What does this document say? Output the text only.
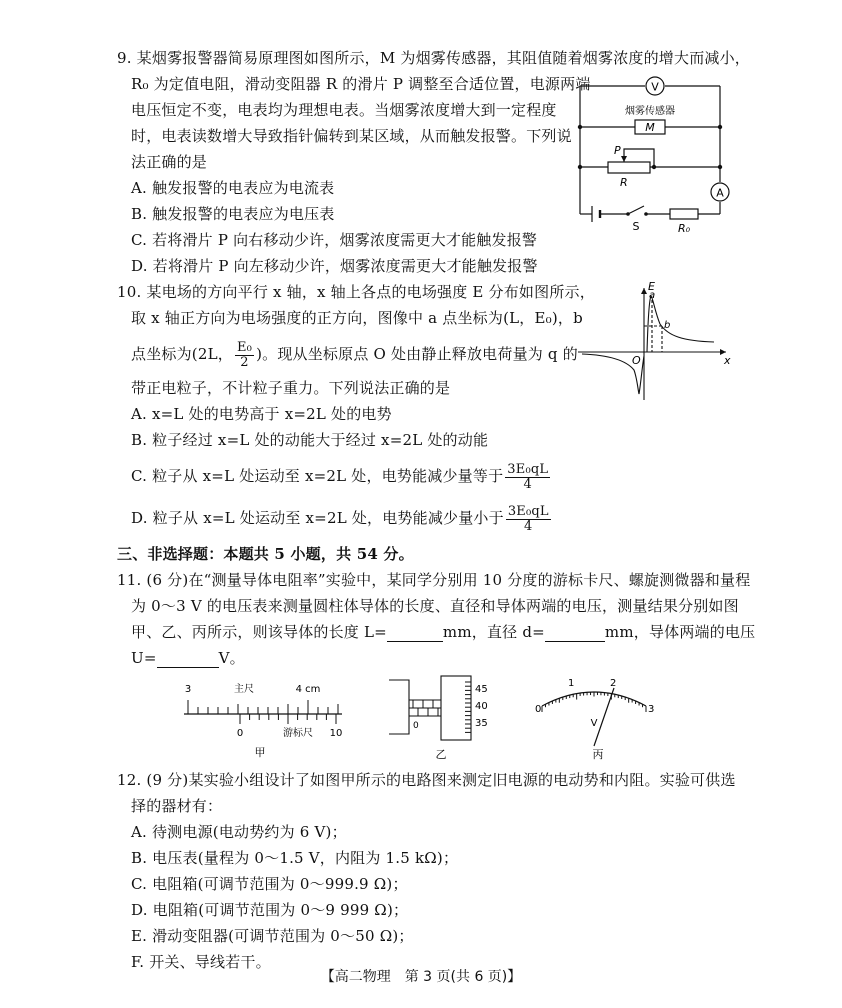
9. 某烟雾报警器简易原理图如图所示，M 为烟雾传感器，其阻值随着烟雾浓度的增大而减小，
R₀ 为定值电阻，滑动变阻器 R 的滑片 P 调整至合适位置，电源两端
电压恒定不变，电表均为理想电表。当烟雾浓度增大到一定程度
时，电表读数增大导致指针偏转到某区域，从而触发报警。下列说
法正确的是
A. 触发报警的电表应为电流表
B. 触发报警的电表应为电压表
C. 若将滑片 P 向右移动少许，烟雾浓度需更大才能触发报警
D. 若将滑片 P 向左移动少许，烟雾浓度需更大才能触发报警
V
烟雾传感器
M
P
R
A
S	R₀
10. 某电场的方向平行 x 轴，x 轴上各点的电场强度 E 分布如图所示，
取 x 轴正方向为电场强度的正方向，图像中 a 点坐标为(L，E₀)，b
点坐标为(2L， $\frac{\text{E₀}}{2}$ )。现从坐标原点 O 处由静止释放电荷量为 q 的
带正电粒子，不计粒子重力。下列说法正确的是
A. x=L 处的电势高于 x=2L 处的电势
B. 粒子经过 x=L 处的动能大于经过 x=2L 处的动能
C. 粒子从 x=L 处运动至 x=2L 处，电势能减少量等于 $\frac{\text{3E₀qL}}{4}$
D. 粒子从 x=L 处运动至 x=2L 处，电势能减少量小于 $\frac{\text{3E₀qL}}{4}$
E
x
O
a
b
三、非选择题：本题共 5 小题，共 54 分。
11. (6 分)在“测量导体电阻率”实验中，某同学分别用 10 分度的游标卡尺、螺旋测微器和量程
为 0～3 V 的电压表来测量圆柱体导体的长度、直径和导体两端的电压，测量结果分别如图
甲、乙、丙所示，则该导体的长度 L=	mm，直径 d=	mm，导体两端的电压
U=	V。
3	主尺	4 cm
0	游标尺 10
甲
45
40
35
0
乙
0
1	2
3
V
丙
12. (9 分)某实验小组设计了如图甲所示的电路图来测定旧电源的电动势和内阻。实验可供选
择的器材有：
A. 待测电源(电动势约为 6 V)；
B. 电压表(量程为 0～1.5 V，内阻为 1.5 kΩ)；
C. 电阻箱(可调节范围为 0～999.9 Ω)；
D. 电阻箱(可调节范围为 0～9 999 Ω)；
E. 滑动变阻器(可调节范围为 0～50 Ω)；
F. 开关、导线若干。
【高二物理　第 3 页(共 6 页)】
